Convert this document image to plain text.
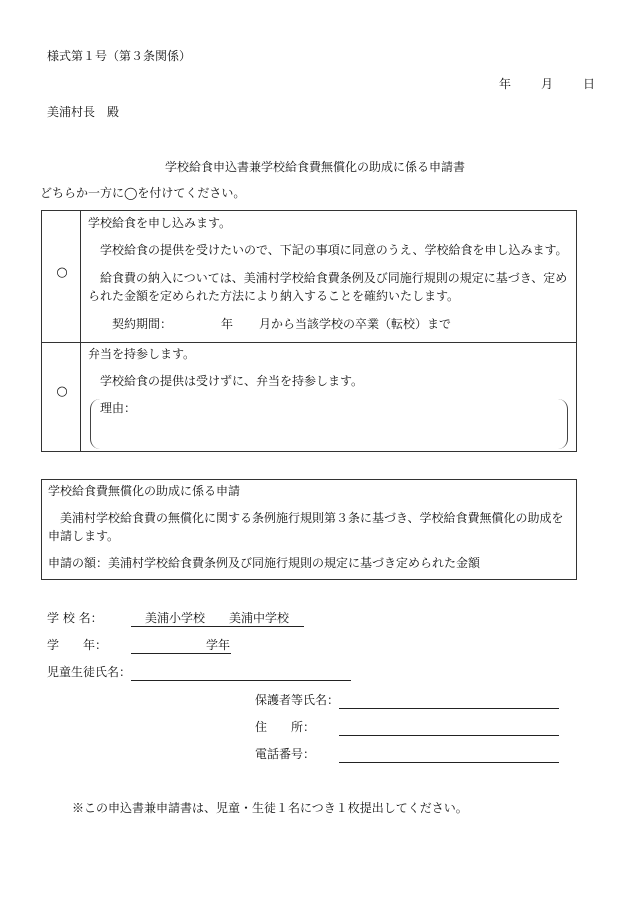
様式第１号（第３条関係）
年	月	日
美浦村長　殿
学校給食申込書兼学校給食費無償化の助成に係る申請書
どちらか一方に◯を付けてください。
○
学校給食を申し込みます。
学校給食の提供を受けたいので、下記の事項に同意のうえ、学校給食を申し込みます。
給食費の納入については、美浦村学校給食費条例及び同施行規則の規定に基づき、定め
られた金額を定められた方法により納入することを確約いたします。
契約期間：	年 月から当該学校の卒業（転校）まで
○
弁当を持参します。
学校給食の提供は受けずに、弁当を持参します。
理由：
学校給食費無償化の助成に係る申請
美浦村学校給食費の無償化に関する条例施行規則第３条に基づき、学校給食費無償化の助成を
申請します。
申請の額：美浦村学校給食費条例及び同施行規則の規定に基づき定められた金額
学 校 名：	美浦小学校 美浦中学校
学　　年：	学年
児童生徒氏名：
保護者等氏名：
住　　所：
電話番号：
※この申込書兼申請書は、児童・生徒１名につき１枚提出してください。
